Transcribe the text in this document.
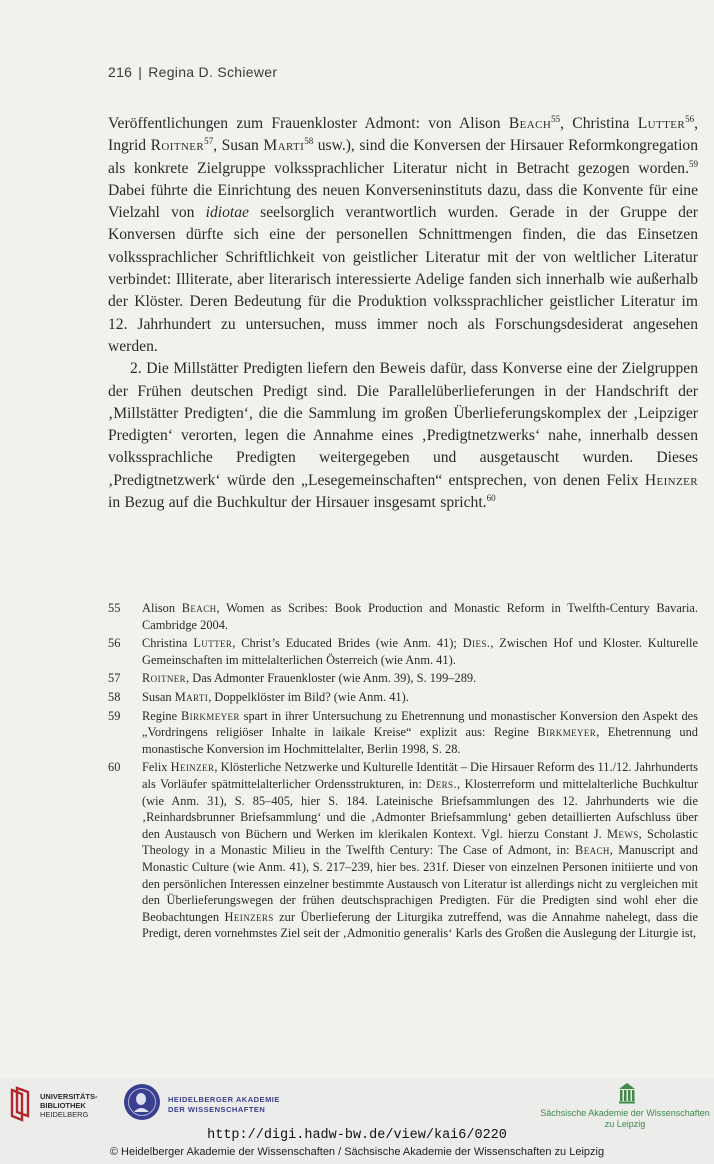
216 | Regina D. Schiewer

Veröffentlichungen zum Frauenkloster Admont: von Alison Beach$^{55}$, Christina Lutter$^{56}$, Ingrid Roitner$^{57}$, Susan Marti$^{58}$ usw.), sind die Konversen der Hirsauer Reformkongregation als konkrete Zielgruppe volkssprachlicher Literatur nicht in Betracht gezogen worden.$^{59}$ Dabei führte die Einrichtung des neuen Konverseninstituts dazu, dass die Konvente für eine Vielzahl von idiotae seelsorglich verantwortlich wurden. Gerade in der Gruppe der Konversen dürfte sich eine der personellen Schnittmengen finden, die das Einsetzen volkssprachlicher Schriftlichkeit von geistlicher Literatur mit der von weltlicher Literatur verbindet: Illiterate, aber literarisch interessierte Adelige fanden sich innerhalb wie außerhalb der Klöster. Deren Bedeutung für die Produktion volkssprachlicher geistlicher Literatur im 12. Jahrhundert zu untersuchen, muss immer noch als Forschungsdesiderat angesehen werden.

2. Die Millstätter Predigten liefern den Beweis dafür, dass Konverse eine der Zielgruppen der Frühen deutschen Predigt sind. Die Parallelüberlieferungen in der Handschrift der ‚Millstätter Predigten‘, die die Sammlung im großen Überlieferungskomplex der ‚Leipziger Predigten‘ verorten, legen die Annahme eines ‚Predigtnetzwerks‘ nahe, innerhalb dessen volkssprachliche Predigten weitergegeben und ausgetauscht wurden. Dieses ‚Predigtnetzwerk‘ würde den „Lesegemeinschaften“ entsprechen, von denen Felix Heinzer in Bezug auf die Buchkultur der Hirsauer insgesamt spricht.$^{60}$

55	Alison Beach, Women as Scribes: Book Production and Monastic Reform in Twelfth-Century Bavaria. Cambridge 2004.
56	Christina Lutter, Christ’s Educated Brides (wie Anm. 41); Dies., Zwischen Hof und Kloster. Kulturelle Gemeinschaften im mittelalterlichen Österreich (wie Anm. 41).
57	Roitner, Das Admonter Frauenkloster (wie Anm. 39), S. 199–289.
58	Susan Marti, Doppelklöster im Bild? (wie Anm. 41).
59	Regine Birkmeyer spart in ihrer Untersuchung zu Ehetrennung und monastischer Konversion den Aspekt des „Vordringens religiöser Inhalte in laikale Kreise“ explizit aus: Regine Birkmeyer, Ehetrennung und monastische Konversion im Hochmittelalter, Berlin 1998, S. 28.
60	Felix Heinzer, Klösterliche Netzwerke und Kulturelle Identität – Die Hirsauer Reform des 11./12. Jahrhunderts als Vorläufer spätmittelalterlicher Ordensstrukturen, in: Ders., Klosterreform und mittelalterliche Buchkultur (wie Anm. 31), S. 85–405, hier S. 184. Lateinische Briefsammlungen des 12. Jahrhunderts wie die ‚Reinhardsbrunner Briefsammlung‘ und die ‚Admonter Briefsammlung‘ geben detaillierten Aufschluss über den Austausch von Büchern und Werken im klerikalen Kontext. Vgl. hierzu Constant J. Mews, Scholastic Theology in a Monastic Milieu in the Twelfth Century: The Case of Admont, in: Beach, Manuscript and Monastic Culture (wie Anm. 41), S. 217–239, hier bes. 231f. Dieser von einzelnen Personen initiierte und von den persönlichen Interessen einzelner bestimmte Austausch von Literatur ist allerdings nicht zu vergleichen mit den Überlieferungswegen der frühen deutschsprachigen Predigten. Für die Predigten sind wohl eher die Beobachtungen Heinzers zur Überlieferung der Liturgika zutreffend, was die Annahme nahelegt, dass die Predigt, deren vornehmstes Ziel seit der ‚Admonitio generalis‘ Karls des Großen die Auslegung der Liturgie ist,
UNIVERSITÄTS-
BIBLIOTHEK
HEIDELBERG
HEIDELBERGER AKADEMIE
DER WISSENSCHAFTEN	Sächsische Akademie der Wissenschaften
zu Leipzig
http://digi.hadw-bw.de/view/kai6/0220
© Heidelberger Akademie der Wissenschaften / Sächsische Akademie der Wissenschaften zu Leipzig
